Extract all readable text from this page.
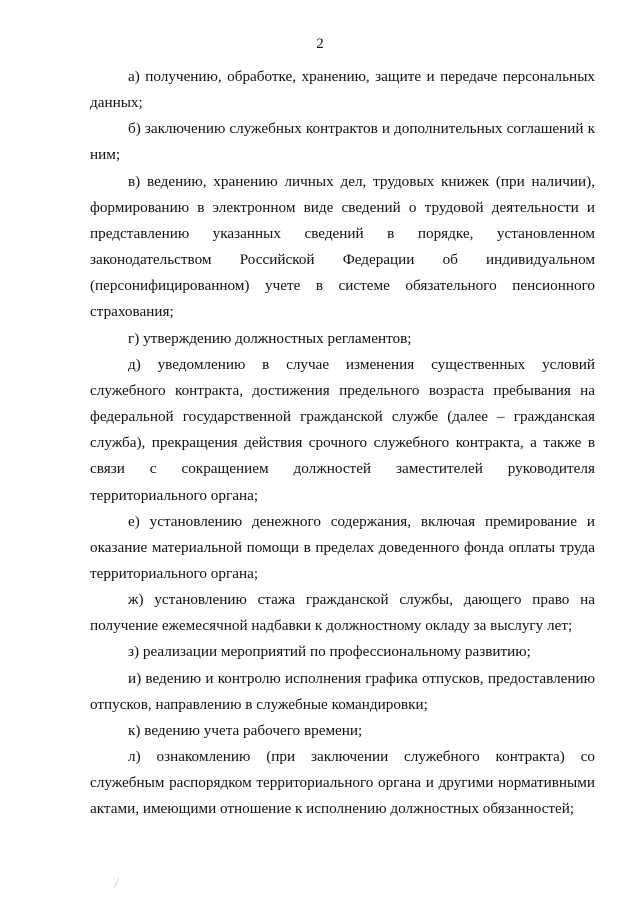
2

а) получению, обработке, хранению, защите и передаче персональных данных;

б) заключению служебных контрактов и дополнительных соглашений к ним;

в) ведению, хранению личных дел, трудовых книжек (при наличии), формированию в электронном виде сведений о трудовой деятельности и представлению указанных сведений в порядке, установленном законодательством Российской Федерации об индивидуальном (персонифицированном) учете в системе обязательного пенсионного страхования;

г) утверждению должностных регламентов;

д) уведомлению в случае изменения существенных условий служебного контракта, достижения предельного возраста пребывания на федеральной государственной гражданской службе (далее – гражданская служба), прекращения действия срочного служебного контракта, а также в связи с сокращением должностей заместителей руководителя территориального органа;

е) установлению денежного содержания, включая премирование и оказание материальной помощи в пределах доведенного фонда оплаты труда территориального органа;

ж) установлению стажа гражданской службы, дающего право на получение ежемесячной надбавки к должностному окладу за выслугу лет;

з) реализации мероприятий по профессиональному развитию;

и) ведению и контролю исполнения графика отпусков, предоставлению отпусков, направлению в служебные командировки;

к) ведению учета рабочего времени;

л) ознакомлению (при заключении служебного контракта) со служебным распорядком территориального органа и другими нормативными актами, имеющими отношение к исполнению должностных обязанностей;
